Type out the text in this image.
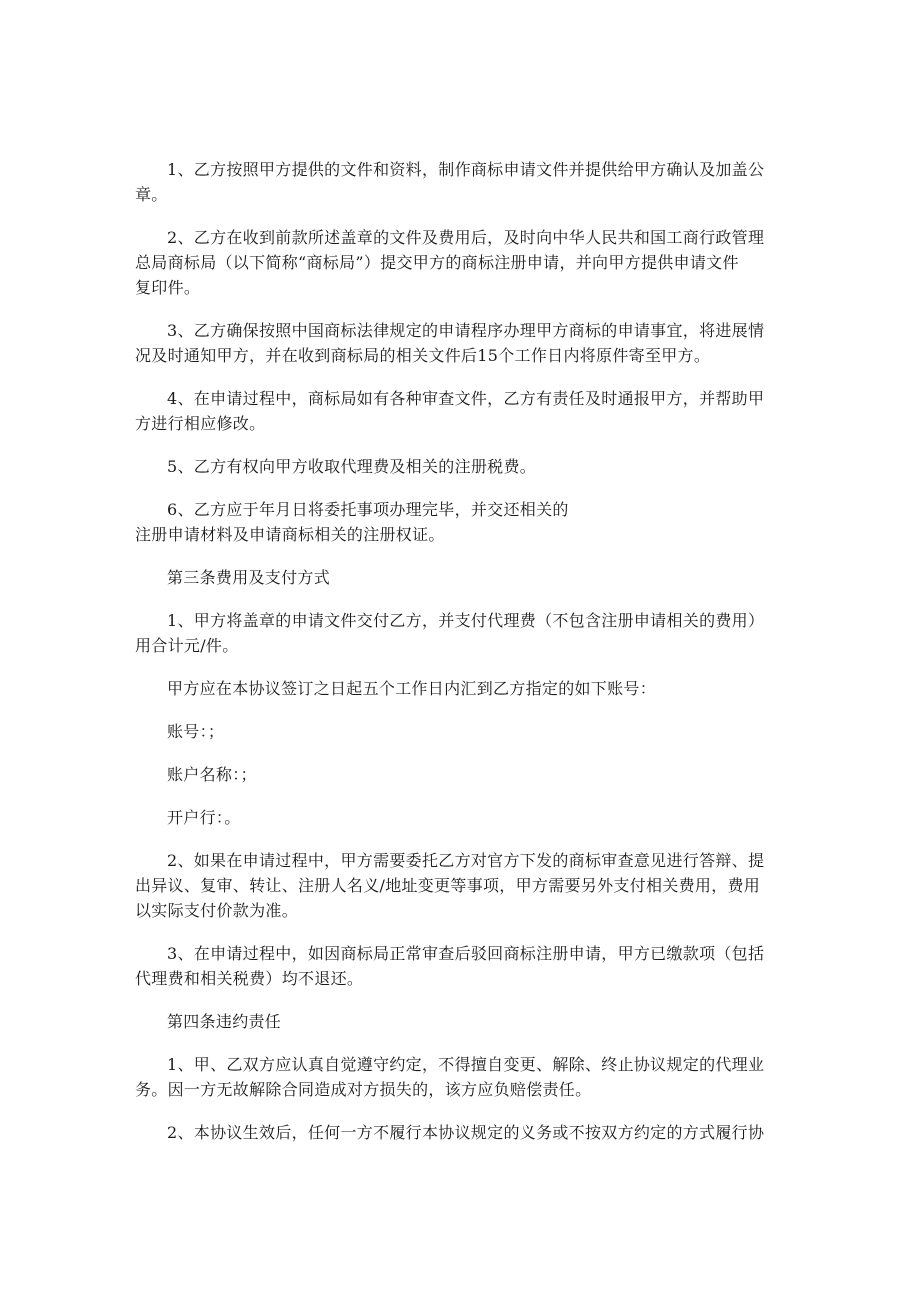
1、乙方按照甲方提供的文件和资料，制作商标申请文件并提供给甲方确认及加盖公
章。

2、乙方在收到前款所述盖章的文件及费用后，及时向中华人民共和国工商行政管理
总局商标局（以下简称“商标局”）提交甲方的商标注册申请，并向甲方提供申请文件
复印件。

3、乙方确保按照中国商标法律规定的申请程序办理甲方商标的申请事宜，将进展情
况及时通知甲方，并在收到商标局的相关文件后15个工作日内将原件寄至甲方。

4、在申请过程中，商标局如有各种审查文件，乙方有责任及时通报甲方，并帮助甲
方进行相应修改。

5、乙方有权向甲方收取代理费及相关的注册税费。

6、乙方应于年月日将委托事项办理完毕，并交还相关的
注册申请材料及申请商标相关的注册权证。

第三条费用及支付方式

1、甲方将盖章的申请文件交付乙方，并支付代理费（不包含注册申请相关的费用）
用合计元/件。

甲方应在本协议签订之日起五个工作日内汇到乙方指定的如下账号：

账号：；

账户名称：；

开户行：。

2、如果在申请过程中，甲方需要委托乙方对官方下发的商标审查意见进行答辩、提
出异议、复审、转让、注册人名义/地址变更等事项，甲方需要另外支付相关费用，费用
以实际支付价款为准。

3、在申请过程中，如因商标局正常审查后驳回商标注册申请，甲方已缴款项（包括
代理费和相关税费）均不退还。

第四条违约责任

1、甲、乙双方应认真自觉遵守约定，不得擅自变更、解除、终止协议规定的代理业
务。因一方无故解除合同造成对方损失的，该方应负赔偿责任。

2、本协议生效后，任何一方不履行本协议规定的义务或不按双方约定的方式履行协
